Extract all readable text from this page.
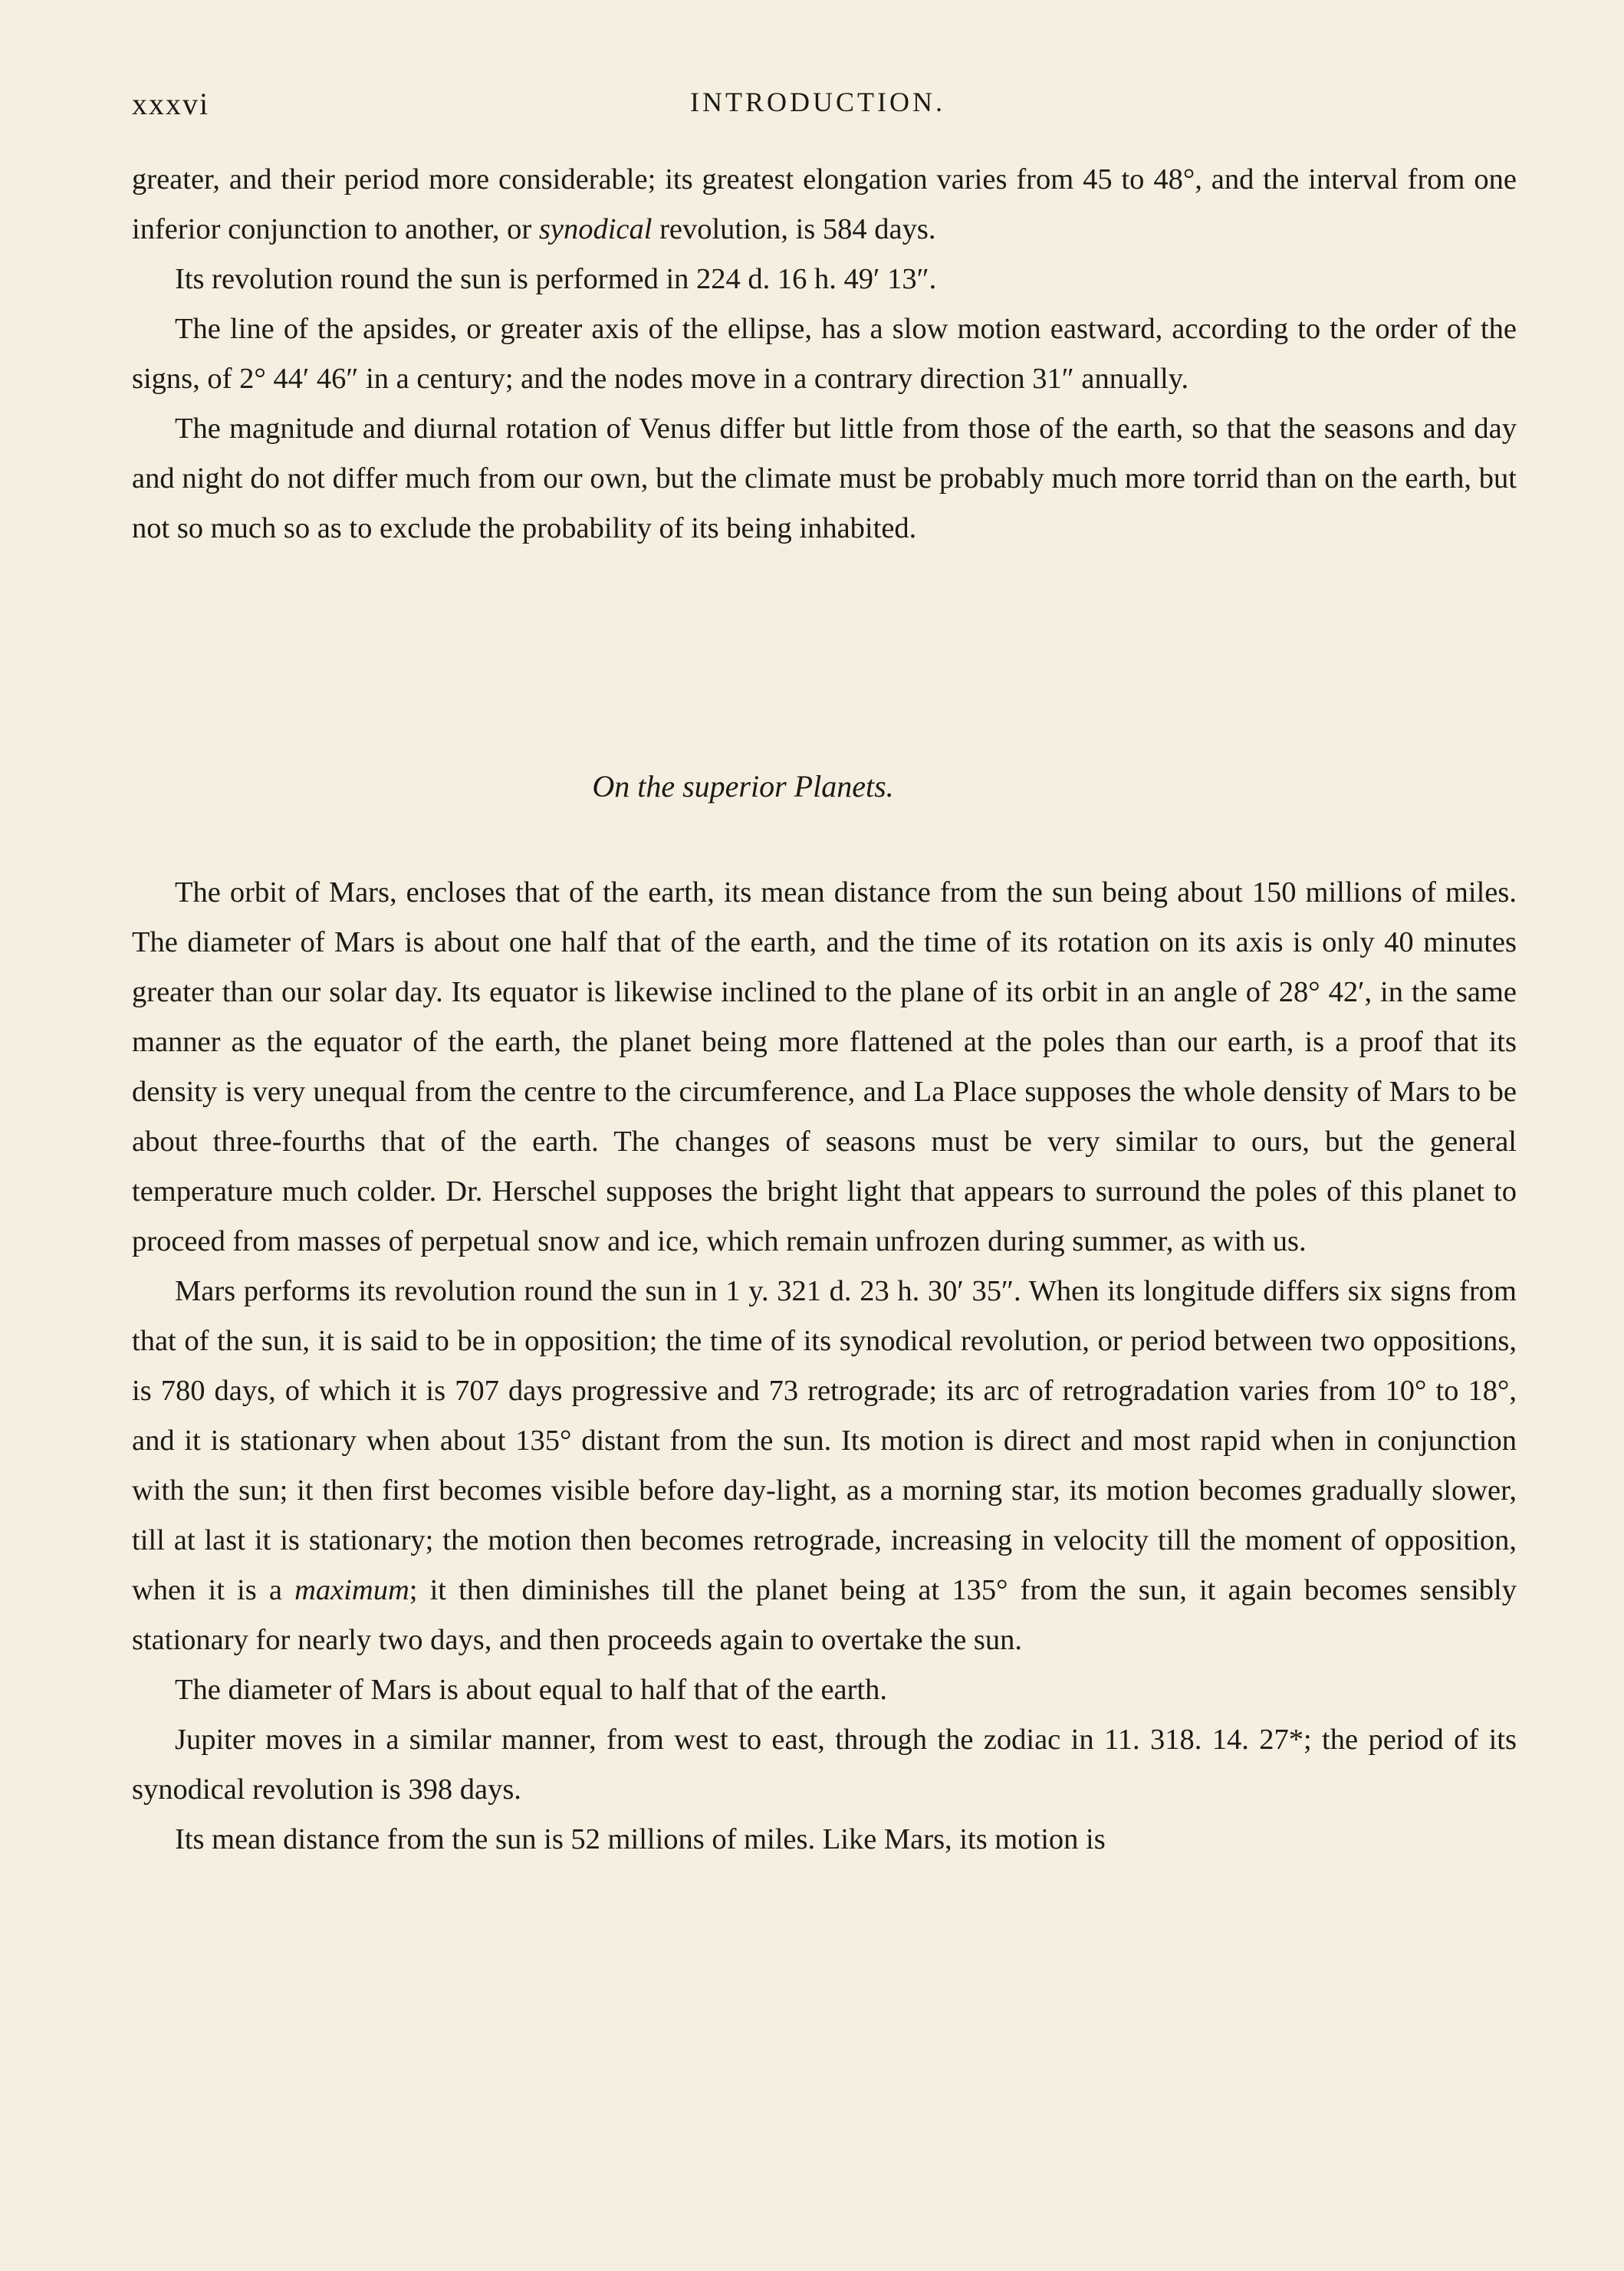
xxxvi	INTRODUCTION.

greater, and their period more considerable; its greatest elongation varies from 45 to 48°, and the interval from one inferior conjunction to another, or synodical revolution, is 584 days.

Its revolution round the sun is performed in 224 d. 16 h. 49′ 13″.

The line of the apsides, or greater axis of the ellipse, has a slow motion eastward, according to the order of the signs, of 2° 44′ 46″ in a century; and the nodes move in a contrary direction 31″ annually.

The magnitude and diurnal rotation of Venus differ but little from those of the earth, so that the seasons and day and night do not differ much from our own, but the climate must be probably much more torrid than on the earth, but not so much so as to exclude the probability of its being inhabited.

On the superior Planets.

The orbit of Mars, encloses that of the earth, its mean distance from the sun being about 150 millions of miles. The diameter of Mars is about one half that of the earth, and the time of its rotation on its axis is only 40 minutes greater than our solar day. Its equator is likewise inclined to the plane of its orbit in an angle of 28° 42′, in the same manner as the equator of the earth, the planet being more flattened at the poles than our earth, is a proof that its density is very unequal from the centre to the circumference, and La Place supposes the whole density of Mars to be about three-fourths that of the earth. The changes of seasons must be very similar to ours, but the general temperature much colder. Dr. Herschel supposes the bright light that appears to surround the poles of this planet to proceed from masses of perpetual snow and ice, which remain unfrozen during summer, as with us.

Mars performs its revolution round the sun in 1 y. 321 d. 23 h. 30′ 35″. When its longitude differs six signs from that of the sun, it is said to be in opposition; the time of its synodical revolution, or period between two oppositions, is 780 days, of which it is 707 days progressive and 73 retrograde; its arc of retrogradation varies from 10° to 18°, and it is stationary when about 135° distant from the sun. Its motion is direct and most rapid when in conjunction with the sun; it then first becomes visible before day-light, as a morning star, its motion becomes gradually slower, till at last it is stationary; the motion then becomes retrograde, increasing in velocity till the moment of opposition, when it is a maximum; it then diminishes till the planet being at 135° from the sun, it again becomes sensibly stationary for nearly two days, and then proceeds again to overtake the sun.

The diameter of Mars is about equal to half that of the earth.

Jupiter moves in a similar manner, from west to east, through the zodiac in 11. 318. 14. 27*; the period of its synodical revolution is 398 days.

Its mean distance from the sun is 52 millions of miles. Like Mars, its motion is
